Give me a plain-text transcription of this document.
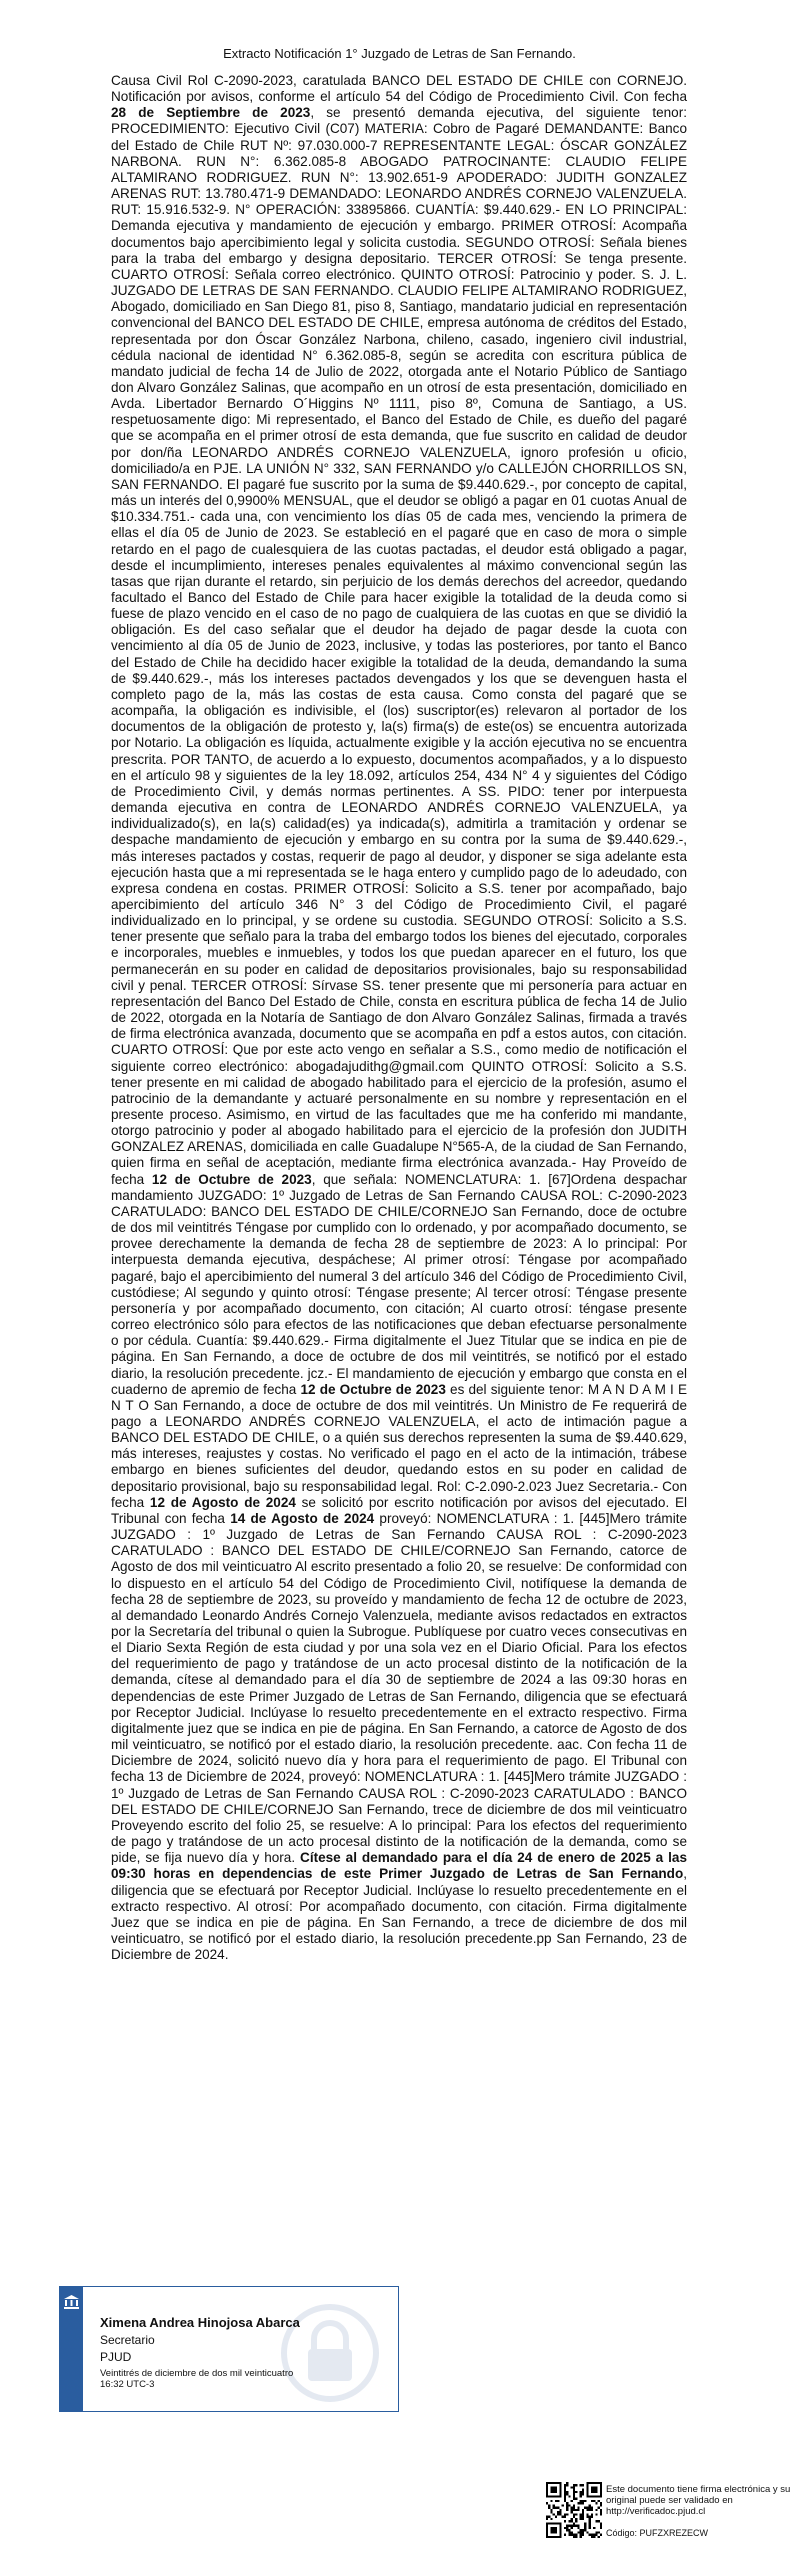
Extracto Notificación 1° Juzgado de Letras de San Fernando.
Causa Civil Rol C-2090-2023, caratulada BANCO DEL ESTADO DE CHILE con CORNEJO. Notificación por avisos, conforme el artículo 54 del Código de Procedimiento Civil. Con fecha 28 de Septiembre de 2023, se presentó demanda ejecutiva, del siguiente tenor: PROCEDIMIENTO: Ejecutivo Civil (C07) MATERIA: Cobro de Pagaré DEMANDANTE: Banco del Estado de Chile RUT Nº: 97.030.000-7 REPRESENTANTE LEGAL: ÓSCAR GONZÁLEZ NARBONA. RUN N°: 6.362.085-8 ABOGADO PATROCINANTE: CLAUDIO FELIPE ALTAMIRANO RODRIGUEZ. RUN N°: 13.902.651-9 APODERADO: JUDITH GONZALEZ ARENAS RUT: 13.780.471-9 DEMANDADO: LEONARDO ANDRÉS CORNEJO VALENZUELA. RUT: 15.916.532-9. N° OPERACIÓN: 33895866. CUANTÍA: $9.440.629.- EN LO PRINCIPAL: Demanda ejecutiva y mandamiento de ejecución y embargo. PRIMER OTROSÍ: Acompaña documentos bajo apercibimiento legal y solicita custodia. SEGUNDO OTROSÍ: Señala bienes para la traba del embargo y designa depositario. TERCER OTROSÍ: Se tenga presente. CUARTO OTROSÍ: Señala correo electrónico. QUINTO OTROSÍ: Patrocinio y poder. S. J. L. JUZGADO DE LETRAS DE SAN FERNANDO. CLAUDIO FELIPE ALTAMIRANO RODRIGUEZ, Abogado, domiciliado en San Diego 81, piso 8, Santiago, mandatario judicial en representación convencional del BANCO DEL ESTADO DE CHILE, empresa autónoma de créditos del Estado, representada por don Óscar González Narbona, chileno, casado, ingeniero civil industrial, cédula nacional de identidad N° 6.362.085-8, según se acredita con escritura pública de mandato judicial de fecha 14 de Julio de 2022, otorgada ante el Notario Público de Santiago don Alvaro González Salinas, que acompaño en un otrosí de esta presentación, domiciliado en Avda. Libertador Bernardo O´Higgins Nº 1111, piso 8º, Comuna de Santiago, a US. respetuosamente digo: Mi representado, el Banco del Estado de Chile, es dueño del pagaré que se acompaña en el primer otrosí de esta demanda, que fue suscrito en calidad de deudor por don/ña LEONARDO ANDRÉS CORNEJO VALENZUELA, ignoro profesión u oficio, domiciliado/a en PJE. LA UNIÓN N° 332, SAN FERNANDO y/o CALLEJÓN CHORRILLOS SN, SAN FERNANDO. El pagaré fue suscrito por la suma de $9.440.629.-, por concepto de capital, más un interés del 0,9900% MENSUAL, que el deudor se obligó a pagar en 01 cuotas Anual de $10.334.751.- cada una, con vencimiento los días 05 de cada mes, venciendo la primera de ellas el día 05 de Junio de 2023. Se estableció en el pagaré que en caso de mora o simple retardo en el pago de cualesquiera de las cuotas pactadas, el deudor está obligado a pagar, desde el incumplimiento, intereses penales equivalentes al máximo convencional según las tasas que rijan durante el retardo, sin perjuicio de los demás derechos del acreedor, quedando facultado el Banco del Estado de Chile para hacer exigible la totalidad de la deuda como si fuese de plazo vencido en el caso de no pago de cualquiera de las cuotas en que se dividió la obligación. Es del caso señalar que el deudor ha dejado de pagar desde la cuota con vencimiento al día 05 de Junio de 2023, inclusive, y todas las posteriores, por tanto el Banco del Estado de Chile ha decidido hacer exigible la totalidad de la deuda, demandando la suma de $9.440.629.-, más los intereses pactados devengados y los que se devenguen hasta el completo pago de la, más las costas de esta causa. Como consta del pagaré que se acompaña, la obligación es indivisible, el (los) suscriptor(es) relevaron al portador de los documentos de la obligación de protesto y, la(s) firma(s) de este(os) se encuentra autorizada por Notario. La obligación es líquida, actualmente exigible y la acción ejecutiva no se encuentra prescrita. POR TANTO, de acuerdo a lo expuesto, documentos acompañados, y a lo dispuesto en el artículo 98 y siguientes de la ley 18.092, artículos 254, 434 N° 4 y siguientes del Código de Procedimiento Civil, y demás normas pertinentes. A SS. PIDO: tener por interpuesta demanda ejecutiva en contra de LEONARDO ANDRÉS CORNEJO VALENZUELA, ya individualizado(s), en la(s) calidad(es) ya indicada(s), admitirla a tramitación y ordenar se despache mandamiento de ejecución y embargo en su contra por la suma de $9.440.629.-, más intereses pactados y costas, requerir de pago al deudor, y disponer se siga adelante esta ejecución hasta que a mi representada se le haga entero y cumplido pago de lo adeudado, con expresa condena en costas. PRIMER OTROSÍ: Solicito a S.S. tener por acompañado, bajo apercibimiento del artículo 346 N° 3 del Código de Procedimiento Civil, el pagaré individualizado en lo principal, y se ordene su custodia. SEGUNDO OTROSÍ: Solicito a S.S. tener presente que señalo para la traba del embargo todos los bienes del ejecutado, corporales e incorporales, muebles e inmuebles, y todos los que puedan aparecer en el futuro, los que permanecerán en su poder en calidad de depositarios provisionales, bajo su responsabilidad civil y penal. TERCER OTROSÍ: Sírvase SS. tener presente que mi personería para actuar en representación del Banco Del Estado de Chile, consta en escritura pública de fecha 14 de Julio de 2022, otorgada en la Notaría de Santiago de don Alvaro González Salinas, firmada a través de firma electrónica avanzada, documento que se acompaña en pdf a estos autos, con citación. CUARTO OTROSÍ: Que por este acto vengo en señalar a S.S., como medio de notificación el siguiente correo electrónico: abogadajudithg@gmail.com QUINTO OTROSÍ: Solicito a S.S. tener presente en mi calidad de abogado habilitado para el ejercicio de la profesión, asumo el patrocinio de la demandante y actuaré personalmente en su nombre y representación en el presente proceso. Asimismo, en virtud de las facultades que me ha conferido mi mandante, otorgo patrocinio y poder al abogado habilitado para el ejercicio de la profesión don JUDITH GONZALEZ ARENAS, domiciliada en calle Guadalupe N°565-A, de la ciudad de San Fernando, quien firma en señal de aceptación, mediante firma electrónica avanzada.- Hay Proveído de fecha 12 de Octubre de 2023, que señala: NOMENCLATURA: 1. [67]Ordena despachar mandamiento JUZGADO: 1º Juzgado de Letras de San Fernando CAUSA ROL: C-2090-2023 CARATULADO: BANCO DEL ESTADO DE CHILE/CORNEJO San Fernando, doce de octubre de dos mil veintitrés Téngase por cumplido con lo ordenado, y por acompañado documento, se provee derechamente la demanda de fecha 28 de septiembre de 2023: A lo principal: Por interpuesta demanda ejecutiva, despáchese; Al primer otrosí: Téngase por acompañado pagaré, bajo el apercibimiento del numeral 3 del artículo 346 del Código de Procedimiento Civil, custódiese; Al segundo y quinto otrosí: Téngase presente; Al tercer otrosí: Téngase presente personería y por acompañado documento, con citación; Al cuarto otrosí: téngase presente correo electrónico sólo para efectos de las notificaciones que deban efectuarse personalmente o por cédula. Cuantía: $9.440.629.- Firma digitalmente el Juez Titular que se indica en pie de página. En San Fernando, a doce de octubre de dos mil veintitrés, se notificó por el estado diario, la resolución precedente. jcz.- El mandamiento de ejecución y embargo que consta en el cuaderno de apremio de fecha 12 de Octubre de 2023 es del siguiente tenor: M A N D A M I E N T O San Fernando, a doce de octubre de dos mil veintitrés. Un Ministro de Fe requerirá de pago a LEONARDO ANDRÉS CORNEJO VALENZUELA, el acto de intimación pague a BANCO DEL ESTADO DE CHILE, o a quién sus derechos representen la suma de $9.440.629, más intereses, reajustes y costas. No verificado el pago en el acto de la intimación, trábese embargo en bienes suficientes del deudor, quedando estos en su poder en calidad de depositario provisional, bajo su responsabilidad legal. Rol: C-2.090-2.023 Juez Secretaria.- Con fecha 12 de Agosto de 2024 se solicitó por escrito notificación por avisos del ejecutado. El Tribunal con fecha 14 de Agosto de 2024 proveyó: NOMENCLATURA : 1. [445]Mero trámite JUZGADO : 1º Juzgado de Letras de San Fernando CAUSA ROL : C-2090-2023 CARATULADO : BANCO DEL ESTADO DE CHILE/CORNEJO San Fernando, catorce de Agosto de dos mil veinticuatro Al escrito presentado a folio 20, se resuelve: De conformidad con lo dispuesto en el artículo 54 del Código de Procedimiento Civil, notifíquese la demanda de fecha 28 de septiembre de 2023, su proveído y mandamiento de fecha 12 de octubre de 2023, al demandado Leonardo Andrés Cornejo Valenzuela, mediante avisos redactados en extractos por la Secretaría del tribunal o quien la Subrogue. Publíquese por cuatro veces consecutivas en el Diario Sexta Región de esta ciudad y por una sola vez en el Diario Oficial. Para los efectos del requerimiento de pago y tratándose de un acto procesal distinto de la notificación de la demanda, cítese al demandado para el día 30 de septiembre de 2024 a las 09:30 horas en dependencias de este Primer Juzgado de Letras de San Fernando, diligencia que se efectuará por Receptor Judicial. Inclúyase lo resuelto precedentemente en el extracto respectivo. Firma digitalmente juez que se indica en pie de página. En San Fernando, a catorce de Agosto de dos mil veinticuatro, se notificó por el estado diario, la resolución precedente. aac. Con fecha 11 de Diciembre de 2024, solicitó nuevo día y hora para el requerimiento de pago. El Tribunal con fecha 13 de Diciembre de 2024, proveyó: NOMENCLATURA : 1. [445]Mero trámite JUZGADO : 1º Juzgado de Letras de San Fernando CAUSA ROL : C-2090-2023 CARATULADO : BANCO DEL ESTADO DE CHILE/CORNEJO San Fernando, trece de diciembre de dos mil veinticuatro Proveyendo escrito del folio 25, se resuelve: A lo principal: Para los efectos del requerimiento de pago y tratándose de un acto procesal distinto de la notificación de la demanda, como se pide, se fija nuevo día y hora. Cítese al demandado para el día 24 de enero de 2025 a las 09:30 horas en dependencias de este Primer Juzgado de Letras de San Fernando, diligencia que se efectuará por Receptor Judicial. Inclúyase lo resuelto precedentemente en el extracto respectivo. Al otrosí: Por acompañado documento, con citación. Firma digitalmente Juez que se indica en pie de página. En San Fernando, a trece de diciembre de dos mil veinticuatro, se notificó por el estado diario, la resolución precedente.pp San Fernando, 23 de Diciembre de 2024.
Ximena Andrea Hinojosa Abarca
Secretario
PJUD
Veintitrés de diciembre de dos mil veinticuatro
16:32 UTC-3
Este documento tiene firma electrónica y su original puede ser validado en http://verificadoc.pjud.cl
Código: PUFZXREZECW
